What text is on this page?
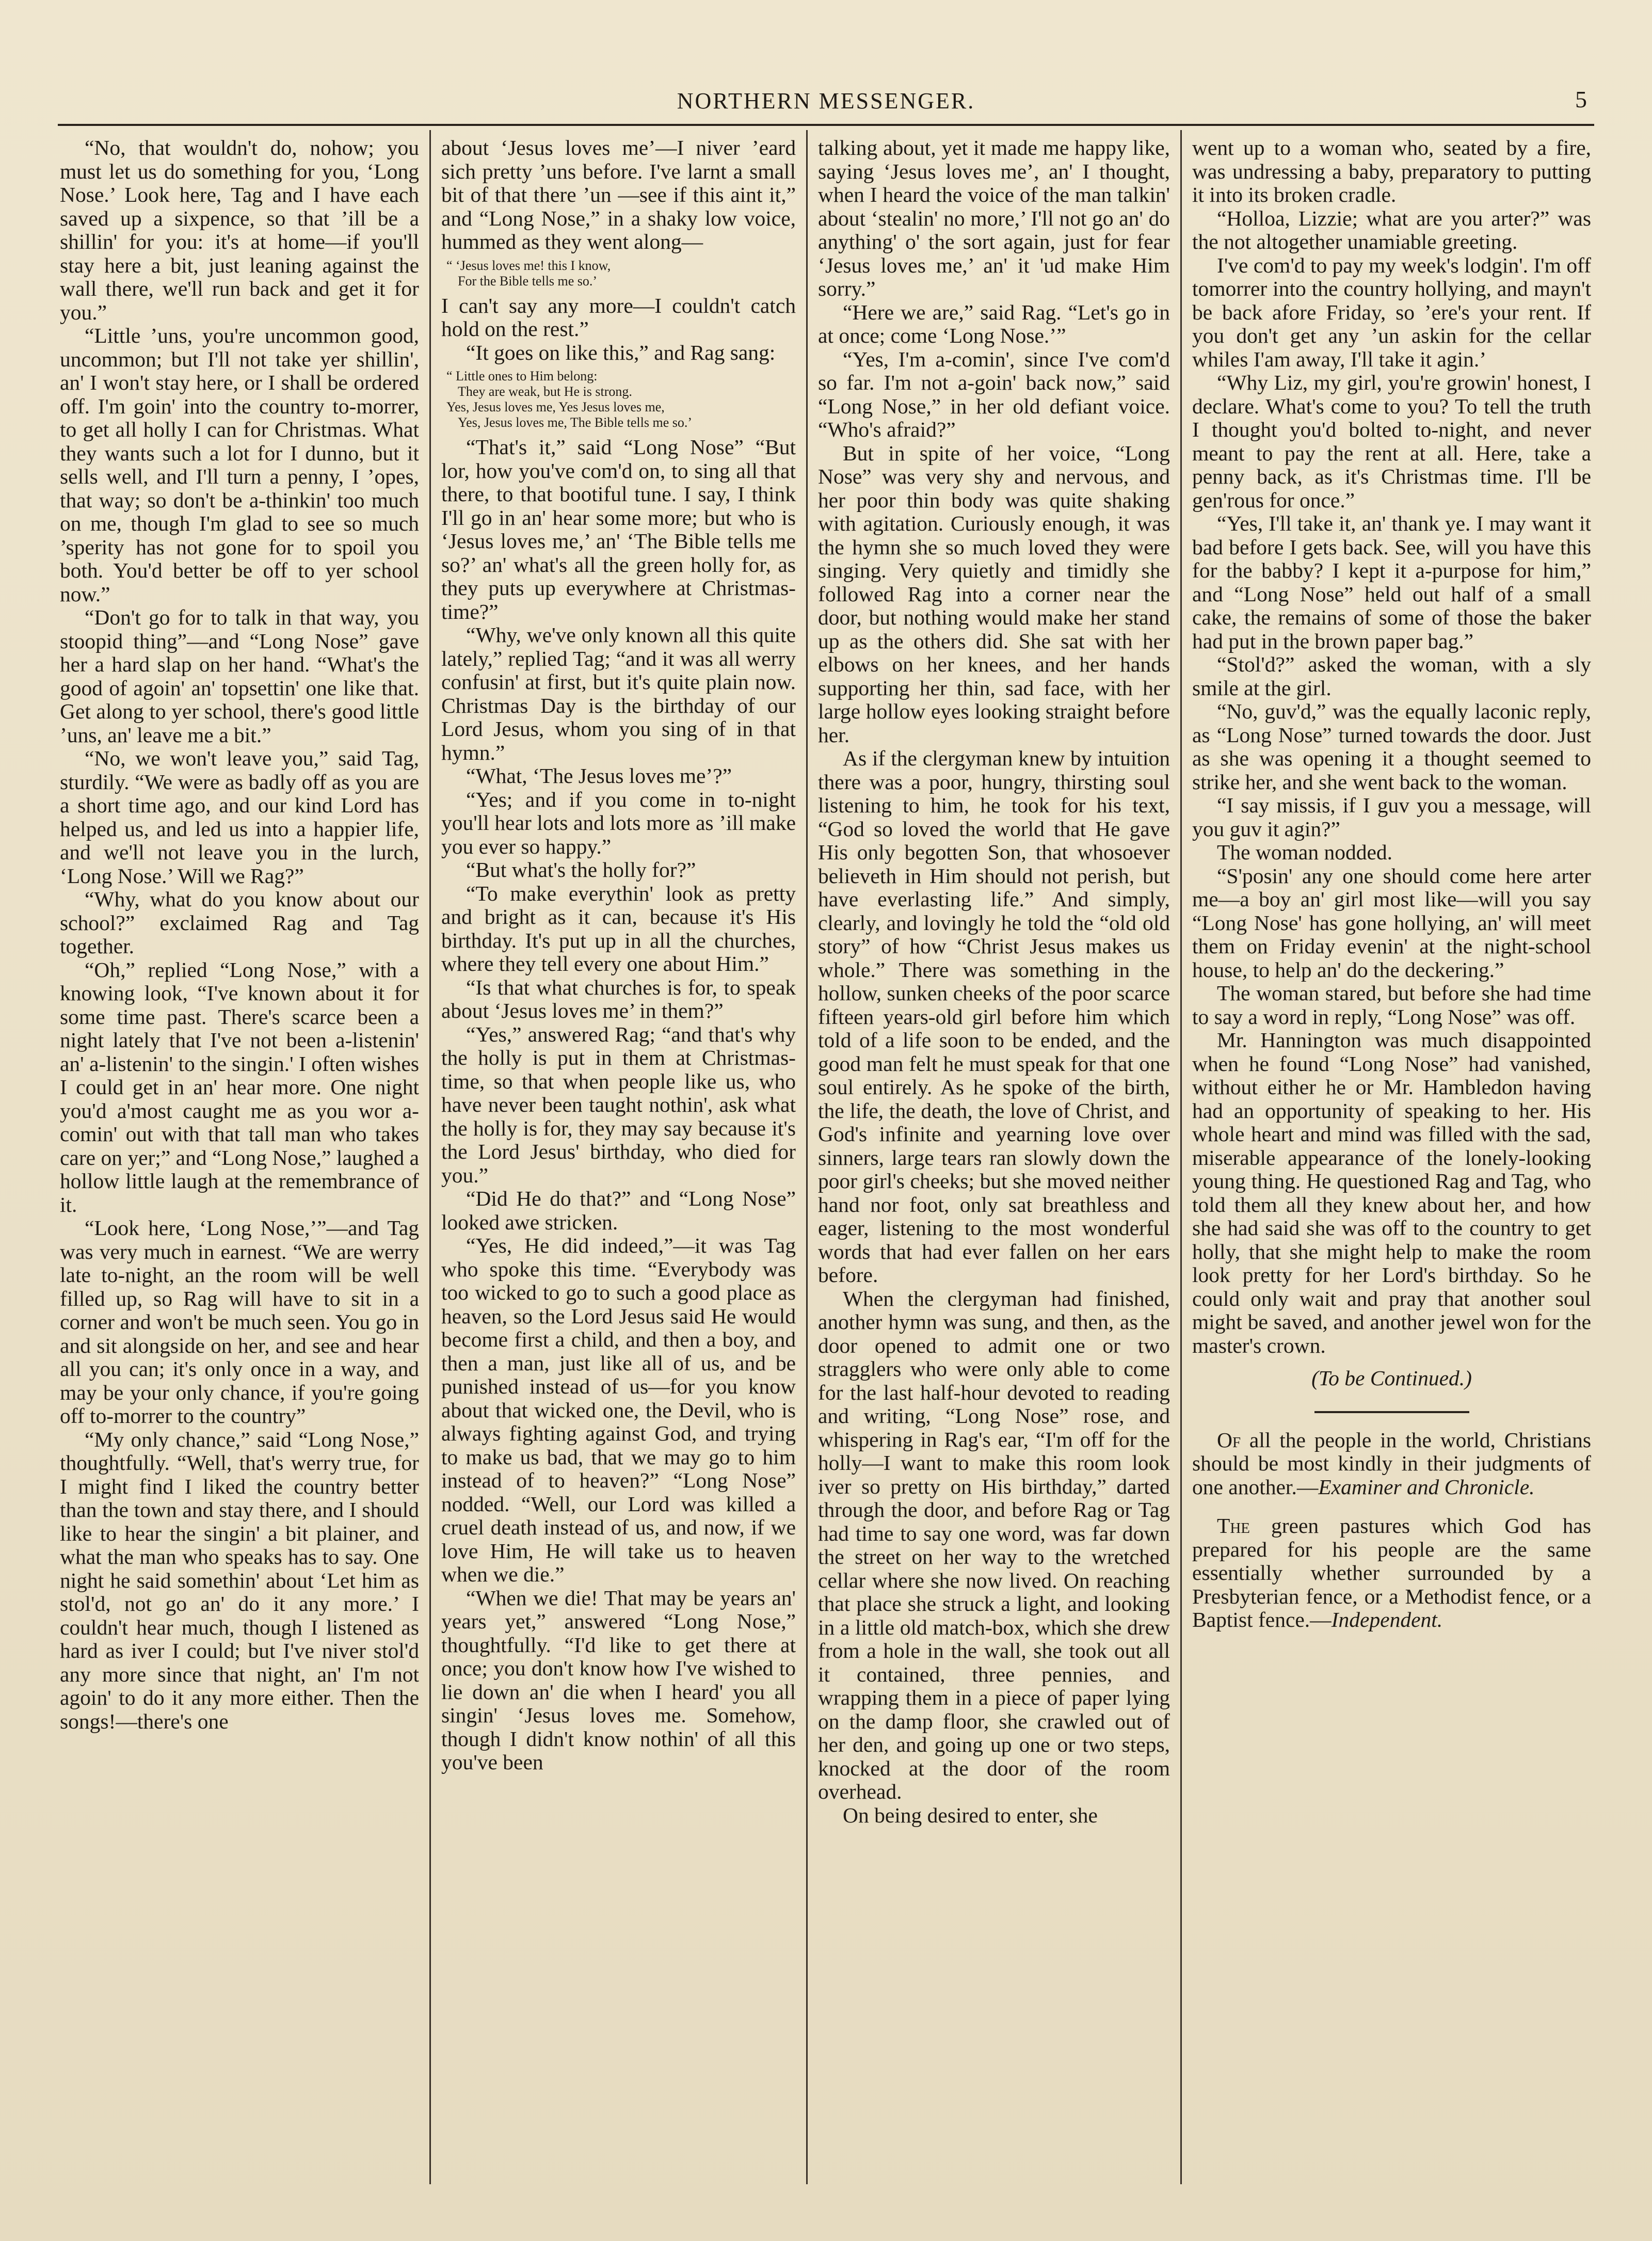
NORTHERN MESSENGER.	5

“No, that wouldn't do, nohow; you must let us do something for you, ‘Long Nose.’ Look here, Tag and I have each saved up a sixpence, so that ’ill be a shillin' for you: it's at home—if you'll stay here a bit, just leaning against the wall there, we'll run back and get it for you.”

“Little ’uns, you're uncommon good, uncommon; but I'll not take yer shillin', an' I won't stay here, or I shall be ordered off. I'm goin' into the country to-morrer, to get all holly I can for Christmas. What they wants such a lot for I dunno, but it sells well, and I'll turn a penny, I ’opes, that way; so don't be a-thinkin' too much on me, though I'm glad to see so much ’sperity has not gone for to spoil you both. You'd better be off to yer school now.”

“Don't go for to talk in that way, you stoopid thing”—and “Long Nose” gave her a hard slap on her hand. “What's the good of agoin' an' topsettin' one like that. Get along to yer school, there's good little ’uns, an' leave me a bit.”

“No, we won't leave you,” said Tag, sturdily. “We were as badly off as you are a short time ago, and our kind Lord has helped us, and led us into a happier life, and we'll not leave you in the lurch, ‘Long Nose.’ Will we Rag?”

“Why, what do you know about our school?” exclaimed Rag and Tag together.

“Oh,” replied “Long Nose,” with a knowing look, “I've known about it for some time past. There's scarce been a night lately that I've not been a-listenin' an' a-listenin' to the singin.' I often wishes I could get in an' hear more. One night you'd a'most caught me as you wor a-comin' out with that tall man who takes care on yer;” and “Long Nose,” laughed a hollow little laugh at the remembrance of it.

“Look here, ‘Long Nose,’”—and Tag was very much in earnest. “We are werry late to-night, an the room will be well filled up, so Rag will have to sit in a corner and won't be much seen. You go in and sit alongside on her, and see and hear all you can; it's only once in a way, and may be your only chance, if you're going off to-morrer to the country”

“My only chance,” said “Long Nose,” thoughtfully. “Well, that's werry true, for I might find I liked the country better than the town and stay there, and I should like to hear the singin' a bit plainer, and what the man who speaks has to say. One night he said somethin' about ‘Let him as stol'd, not go an' do it any more.’ I couldn't hear much, though I listened as hard as iver I could; but I've niver stol'd any more since that night, an' I'm not agoin' to do it any more either. Then the songs!—there's one

about ‘Jesus loves me’—I niver ’eard sich pretty ’uns before. I've larnt a small bit of that there ’un —see if this aint it,” and “Long Nose,” in a shaky low voice, hummed as they went along—

“ ‘Jesus loves me! this I know,
For the Bible tells me so.’

I can't say any more—I couldn't catch hold on the rest.”

“It goes on like this,” and Rag sang:

“ Little ones to Him belong:
They are weak, but He is strong.
Yes, Jesus loves me, Yes Jesus loves me,
Yes, Jesus loves me, The Bible tells me so.’

“That's it,” said “Long Nose” “But lor, how you've com'd on, to sing all that there, to that bootiful tune. I say, I think I'll go in an' hear some more; but who is ‘Jesus loves me,’ an' ‘The Bible tells me so?’ an' what's all the green holly for, as they puts up everywhere at Christmas-time?”

“Why, we've only known all this quite lately,” replied Tag; “and it was all werry confusin' at first, but it's quite plain now. Christmas Day is the birthday of our Lord Jesus, whom you sing of in that hymn.”

“What, ‘The Jesus loves me’?”

“Yes; and if you come in to-night you'll hear lots and lots more as ’ill make you ever so happy.”

“But what's the holly for?”

“To make everythin' look as pretty and bright as it can, because it's His birthday. It's put up in all the churches, where they tell every one about Him.”

“Is that what churches is for, to speak about ‘Jesus loves me’ in them?”

“Yes,” answered Rag; “and that's why the holly is put in them at Christmas-time, so that when people like us, who have never been taught nothin', ask what the holly is for, they may say because it's the Lord Jesus' birthday, who died for you.”

“Did He do that?” and “Long Nose” looked awe stricken.

“Yes, He did indeed,”—it was Tag who spoke this time. “Everybody was too wicked to go to such a good place as heaven, so the Lord Jesus said He would become first a child, and then a boy, and then a man, just like all of us, and be punished instead of us—for you know about that wicked one, the Devil, who is always fighting against God, and trying to make us bad, that we may go to him instead of to heaven?” “Long Nose” nodded. “Well, our Lord was killed a cruel death instead of us, and now, if we love Him, He will take us to heaven when we die.”

“When we die! That may be years an' years yet,” answered “Long Nose,” thoughtfully. “I'd like to get there at once; you don't know how I've wished to lie down an' die when I heard' you all singin' ‘Jesus loves me. Somehow, though I didn't know nothin' of all this you've been

talking about, yet it made me happy like, saying ‘Jesus loves me’, an' I thought, when I heard the voice of the man talkin' about ‘stealin' no more,’ I'll not go an' do anything' o' the sort again, just for fear ‘Jesus loves me,’ an' it 'ud make Him sorry.”

“Here we are,” said Rag. “Let's go in at once; come ‘Long Nose.’”

“Yes, I'm a-comin', since I've com'd so far. I'm not a-goin' back now,” said “Long Nose,” in her old defiant voice. “Who's afraid?”

But in spite of her voice, “Long Nose” was very shy and nervous, and her poor thin body was quite shaking with agitation. Curiously enough, it was the hymn she so much loved they were singing. Very quietly and timidly she followed Rag into a corner near the door, but nothing would make her stand up as the others did. She sat with her elbows on her knees, and her hands supporting her thin, sad face, with her large hollow eyes looking straight before her.

As if the clergyman knew by intuition there was a poor, hungry, thirsting soul listening to him, he took for his text, “God so loved the world that He gave His only begotten Son, that whosoever believeth in Him should not perish, but have everlasting life.” And simply, clearly, and lovingly he told the “old old story” of how “Christ Jesus makes us whole.” There was something in the hollow, sunken cheeks of the poor scarce fifteen years-old girl before him which told of a life soon to be ended, and the good man felt he must speak for that one soul entirely. As he spoke of the birth, the life, the death, the love of Christ, and God's infinite and yearning love over sinners, large tears ran slowly down the poor girl's cheeks; but she moved neither hand nor foot, only sat breathless and eager, listening to the most wonderful words that had ever fallen on her ears before.

When the clergyman had finished, another hymn was sung, and then, as the door opened to admit one or two stragglers who were only able to come for the last half-hour devoted to reading and writing, “Long Nose” rose, and whispering in Rag's ear, “I'm off for the holly—I want to make this room look iver so pretty on His birthday,” darted through the door, and before Rag or Tag had time to say one word, was far down the street on her way to the wretched cellar where she now lived. On reaching that place she struck a light, and looking in a little old match-box, which she drew from a hole in the wall, she took out all it contained, three pennies, and wrapping them in a piece of paper lying on the damp floor, she crawled out of her den, and going up one or two steps, knocked at the door of the room overhead.

On being desired to enter, she

went up to a woman who, seated by a fire, was undressing a baby, preparatory to putting it into its broken cradle.

“Holloa, Lizzie; what are you arter?” was the not altogether unamiable greeting.

I've com'd to pay my week's lodgin'. I'm off tomorrer into the country hollying, and mayn't be back afore Friday, so ’ere's your rent. If you don't get any ’un askin for the cellar whiles I'am away, I'll take it agin.’

“Why Liz, my girl, you're growin' honest, I declare. What's come to you? To tell the truth I thought you'd bolted to-night, and never meant to pay the rent at all. Here, take a penny back, as it's Christmas time. I'll be gen'rous for once.”

“Yes, I'll take it, an' thank ye. I may want it bad before I gets back. See, will you have this for the babby? I kept it a-purpose for him,” and “Long Nose” held out half of a small cake, the remains of some of those the baker had put in the brown paper bag.”

“Stol'd?” asked the woman, with a sly smile at the girl.

“No, guv'd,” was the equally laconic reply, as “Long Nose” turned towards the door. Just as she was opening it a thought seemed to strike her, and she went back to the woman.

“I say missis, if I guv you a message, will you guv it agin?”

The woman nodded.

“S'posin' any one should come here arter me—a boy an' girl most like—will you say “Long Nose' has gone hollying, an' will meet them on Friday evenin' at the night-school house, to help an' do the deckering.”

The woman stared, but before she had time to say a word in reply, “Long Nose” was off.

Mr. Hannington was much disappointed when he found “Long Nose” had vanished, without either he or Mr. Hambledon having had an opportunity of speaking to her. His whole heart and mind was filled with the sad, miserable appearance of the lonely-looking young thing. He questioned Rag and Tag, who told them all they knew about her, and how she had said she was off to the country to get holly, that she might help to make the room look pretty for her Lord's birthday. So he could only wait and pray that another soul might be saved, and another jewel won for the master's crown.

(To be Continued.)

Of all the people in the world, Christians should be most kindly in their judgments of one another.—Examiner and Chronicle.

The green pastures which God has prepared for his people are the same essentially whether surrounded by a Presbyterian fence, or a Methodist fence, or a Baptist fence.—Independent.
